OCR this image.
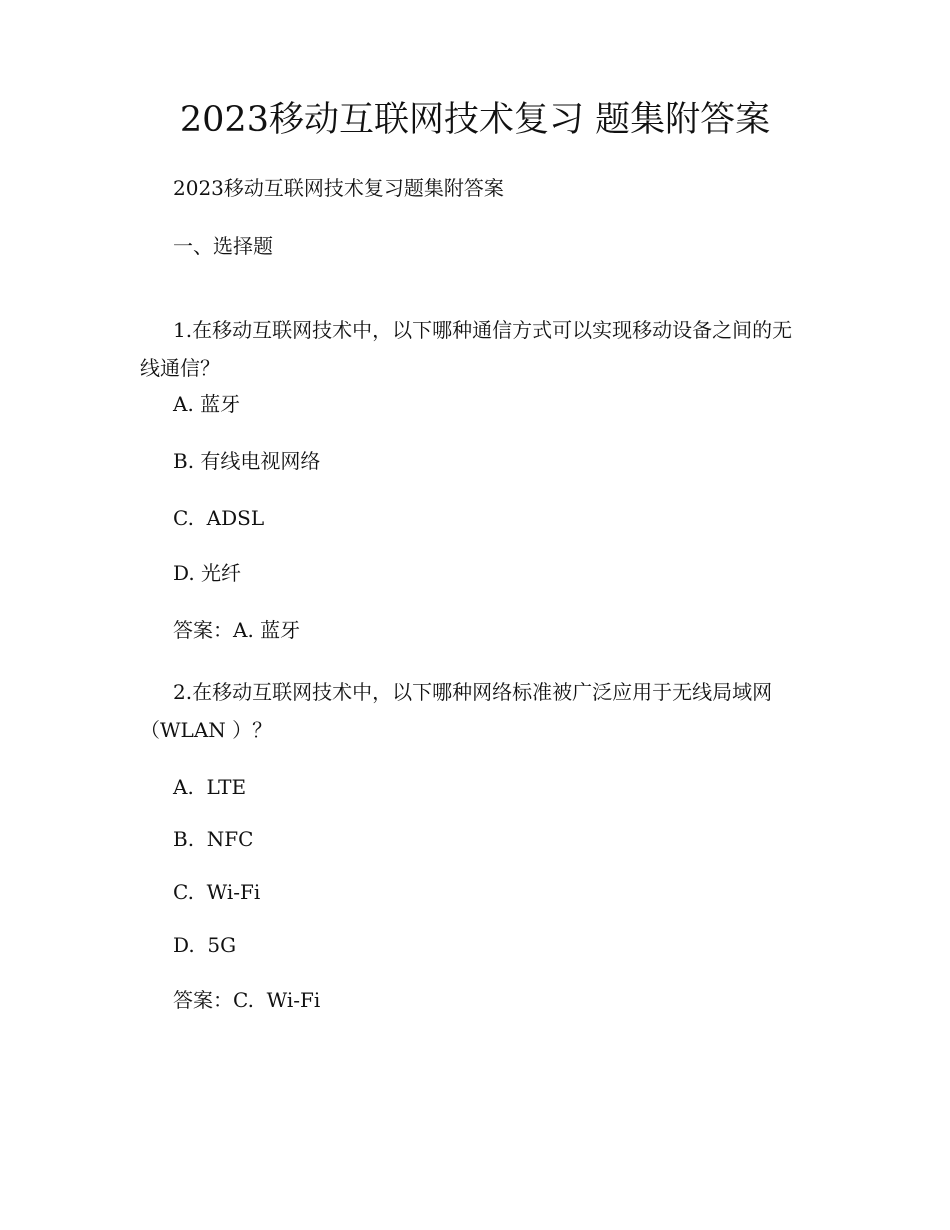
2023移动互联网技术复习 题集附答案

2023移动互联网技术复习题集附答案

一、选择题

1.在移动互联网技术中，以下哪种通信方式可以实现移动设备之间的无线通信？

A. 蓝牙

B. 有线电视网络

C.  ADSL

D. 光纤

答案：A. 蓝牙

2.在移动互联网技术中，以下哪种网络标准被广泛应用于无线局域网（WLAN ）？

A.  LTE

B.  NFC

C.  Wi-Fi

D.  5G

答案：C.  Wi-Fi
